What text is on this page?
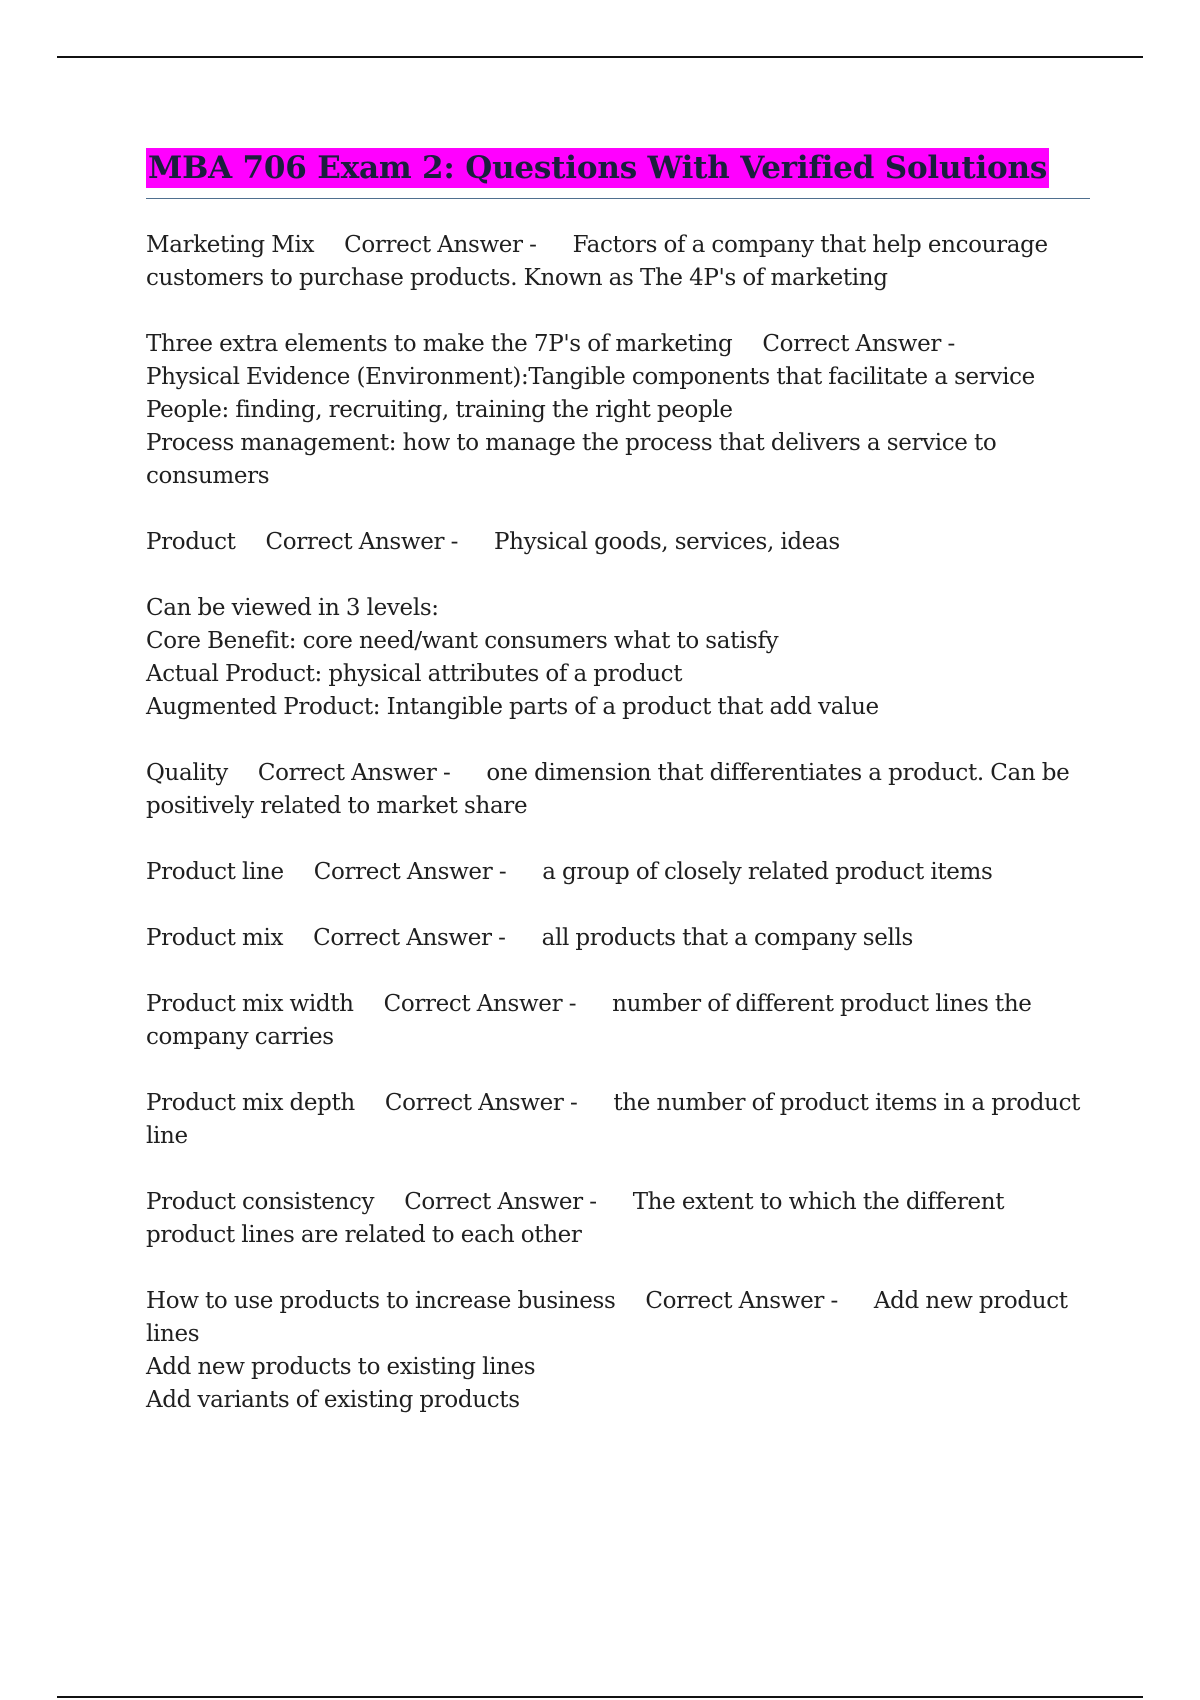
MBA 706 Exam 2: Questions With Verified Solutions
Marketing Mix Correct Answer - Factors of a company that help encourage customers to purchase products. Known as The 4P's of marketing
Three extra elements to make the 7P's of marketing Correct Answer -
Physical Evidence (Environment):Tangible components that facilitate a service
People: finding, recruiting, training the right people
Process management: how to manage the process that delivers a service to consumers
Product Correct Answer - Physical goods, services, ideas
Can be viewed in 3 levels:
Core Benefit: core need/want consumers what to satisfy
Actual Product: physical attributes of a product
Augmented Product: Intangible parts of a product that add value
Quality Correct Answer - one dimension that differentiates a product. Can be positively related to market share
Product line Correct Answer - a group of closely related product items
Product mix Correct Answer - all products that a company sells
Product mix width Correct Answer - number of different product lines the company carries
Product mix depth Correct Answer - the number of product items in a product line
Product consistency Correct Answer - The extent to which the different product lines are related to each other
How to use products to increase business Correct Answer - Add new product lines
Add new products to existing lines
Add variants of existing products
